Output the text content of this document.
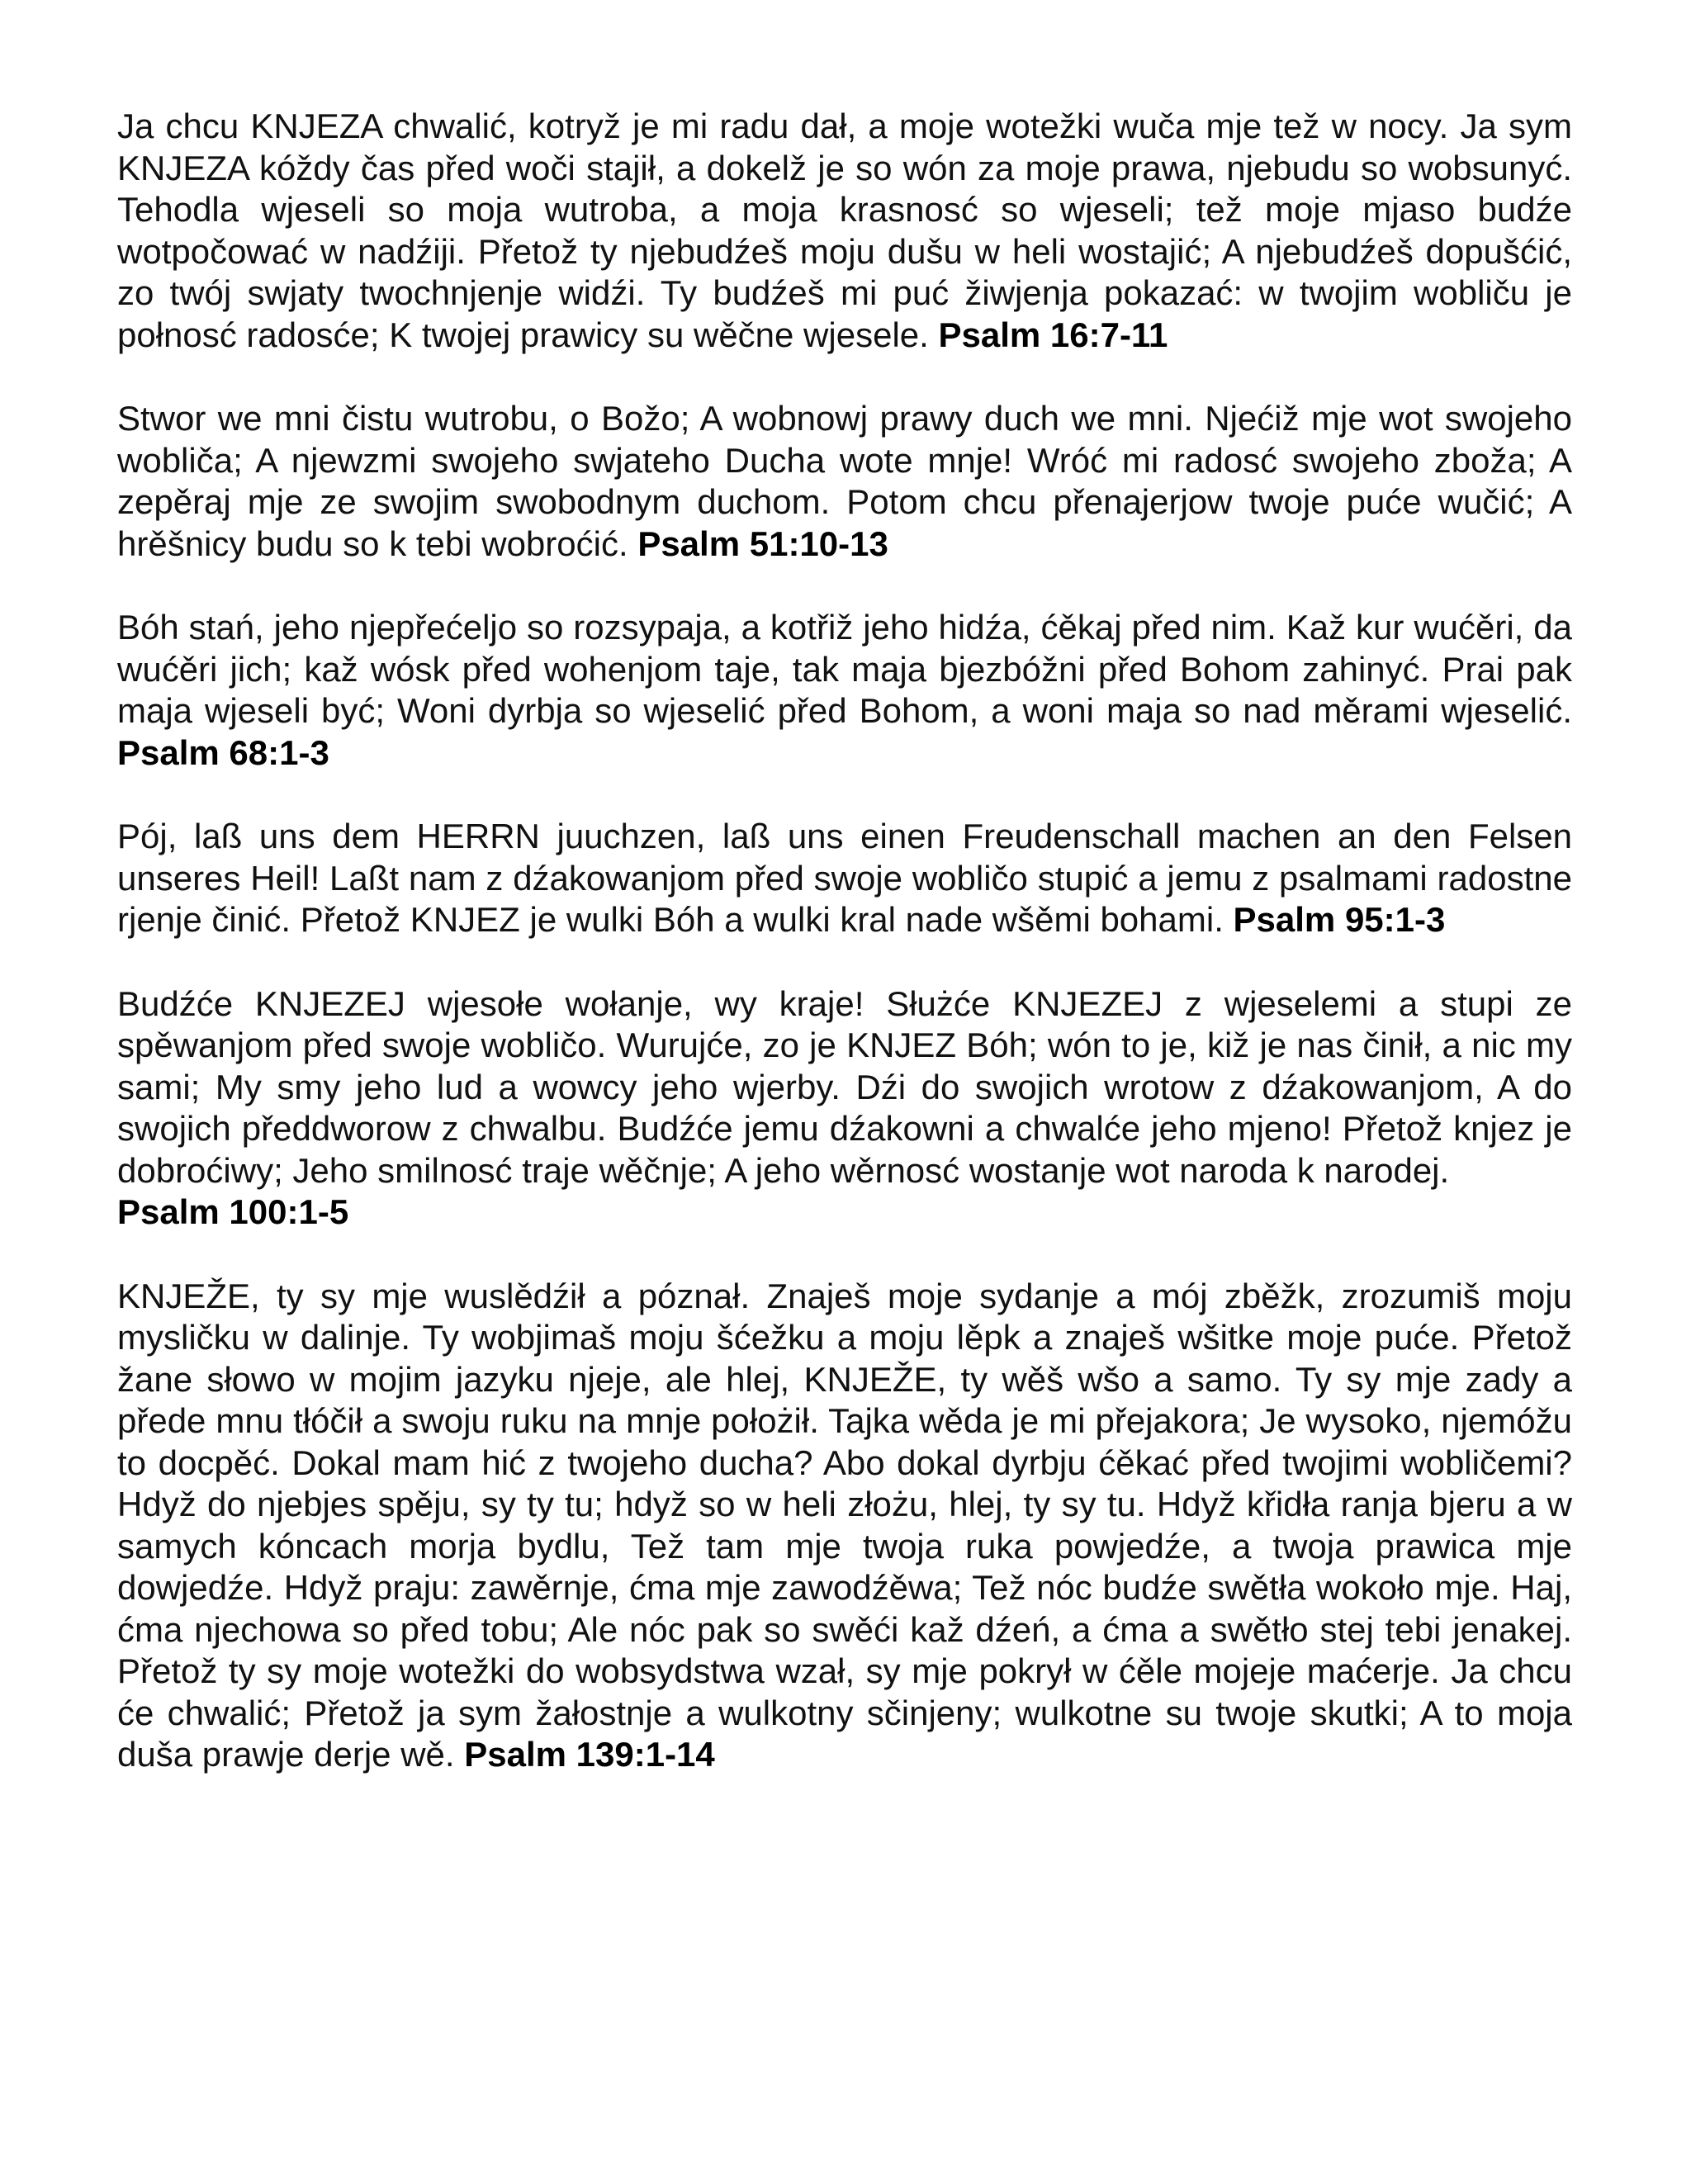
Ja chcu KNJEZA chwalić, kotryž je mi radu dał, a moje wotežki wuča mje tež w nocy. Ja sym KNJEZA kóždy čas před woči stajił, a dokelž je so wón za moje prawa, njebudu so wobsunyć. Tehodla wjeseli so moja wutroba, a moja krasnosć so wjeseli; tež moje mjaso budźe wotpočować w nadźiji. Přetož ty njebudźeš moju dušu w heli wostajić; A njebudźeš dopušćić, zo twój swjaty twochnjenje widźi. Ty budźeš mi puć žiwjenja pokazać: w twojim wobliču je połnosć radosće; K twojej prawicy su wěčne wjesele. Psalm 16:7-11

Stwor we mni čistu wutrobu, o Božo; A wobnowj prawy duch we mni. Njećiž mje wot swojeho wobliča; A njewzmi swojeho swjateho Ducha wote mnje! Wróć mi radosć swojeho zboža; A zepěraj mje ze swojim swobodnym duchom. Potom chcu přenajerjow twoje puće wučić; A hrěšnicy budu so k tebi wobroćić. Psalm 51:10-13

Bóh stań, jeho njepřećeljo so rozsypaja, a kotřiž jeho hidźa, ćěkaj před nim. Kaž kur wućěri, da wućěri jich; kaž wósk před wohenjom taje, tak maja bjezbóžni před Bohom zahinyć. Prai pak maja wjeseli być; Woni dyrbja so wjeselić před Bohom, a woni maja so nad měrami wjeselić. Psalm 68:1-3

Pój, laß uns dem HERRN juuchzen, laß uns einen Freudenschall machen an den Felsen unseres Heil! Laßt nam z dźakowanjom před swoje wobličo stupić a jemu z psalmami radostne rjenje činić. Přetož KNJEZ je wulki Bóh a wulki kral nade wšěmi bohami. Psalm 95:1-3

Budźće KNJEZEJ wjesołe wołanje, wy kraje! Służće KNJEZEJ z wjeselemi a stupi ze spěwanjom před swoje wobličo. Wurujće, zo je KNJEZ Bóh; wón to je, kiž je nas činił, a nic my sami; My smy jeho lud a wowcy jeho wjerby. Dźi do swojich wrotow z dźakowanjom, A do swojich předdworow z chwalbu. Budźće jemu dźakowni a chwalće jeho mjeno! Přetož knjez je dobroćiwy; Jeho smilnosć traje wěčnje; A jeho wěrnosć wostanje wot naroda k narodej.
Psalm 100:1-5

KNJEŽE, ty sy mje wuslědźił a póznał. Znaješ moje sydanje a mój zběžk, zrozumiš moju mysličku w dalinje. Ty wobjimaš moju šćežku a moju lěpk a znaješ wšitke moje puće. Přetož žane słowo w mojim jazyku njeje, ale hlej, KNJEŽE, ty wěš wšo a samo. Ty sy mje zady a přede mnu tłóčił a swoju ruku na mnje położił. Tajka wěda je mi přejakora; Je wysoko, njemóžu to docpěć. Dokal mam hić z twojeho ducha? Abo dokal dyrbju ćěkać před twojimi wobličemi? Hdyž do njebjes spěju, sy ty tu; hdyž so w heli złożu, hlej, ty sy tu. Hdyž křidła ranja bjeru a w samych kóncach morja bydlu, Tež tam mje twoja ruka powjedźe, a twoja prawica mje dowjedźe. Hdyž praju: zawěrnje, ćma mje zawodźěwa; Tež nóc budźe swětła wokoło mje. Haj, ćma njechowa so před tobu; Ale nóc pak so swěći kaž dźeń, a ćma a swětło stej tebi jenakej. Přetož ty sy moje wotežki do wobsydstwa wzał, sy mje pokrył w ćěle mojeje maćerje. Ja chcu će chwalić; Přetož ja sym žałostnje a wulkotny sčinjeny; wulkotne su twoje skutki; A to moja duša prawje derje wě. Psalm 139:1-14
